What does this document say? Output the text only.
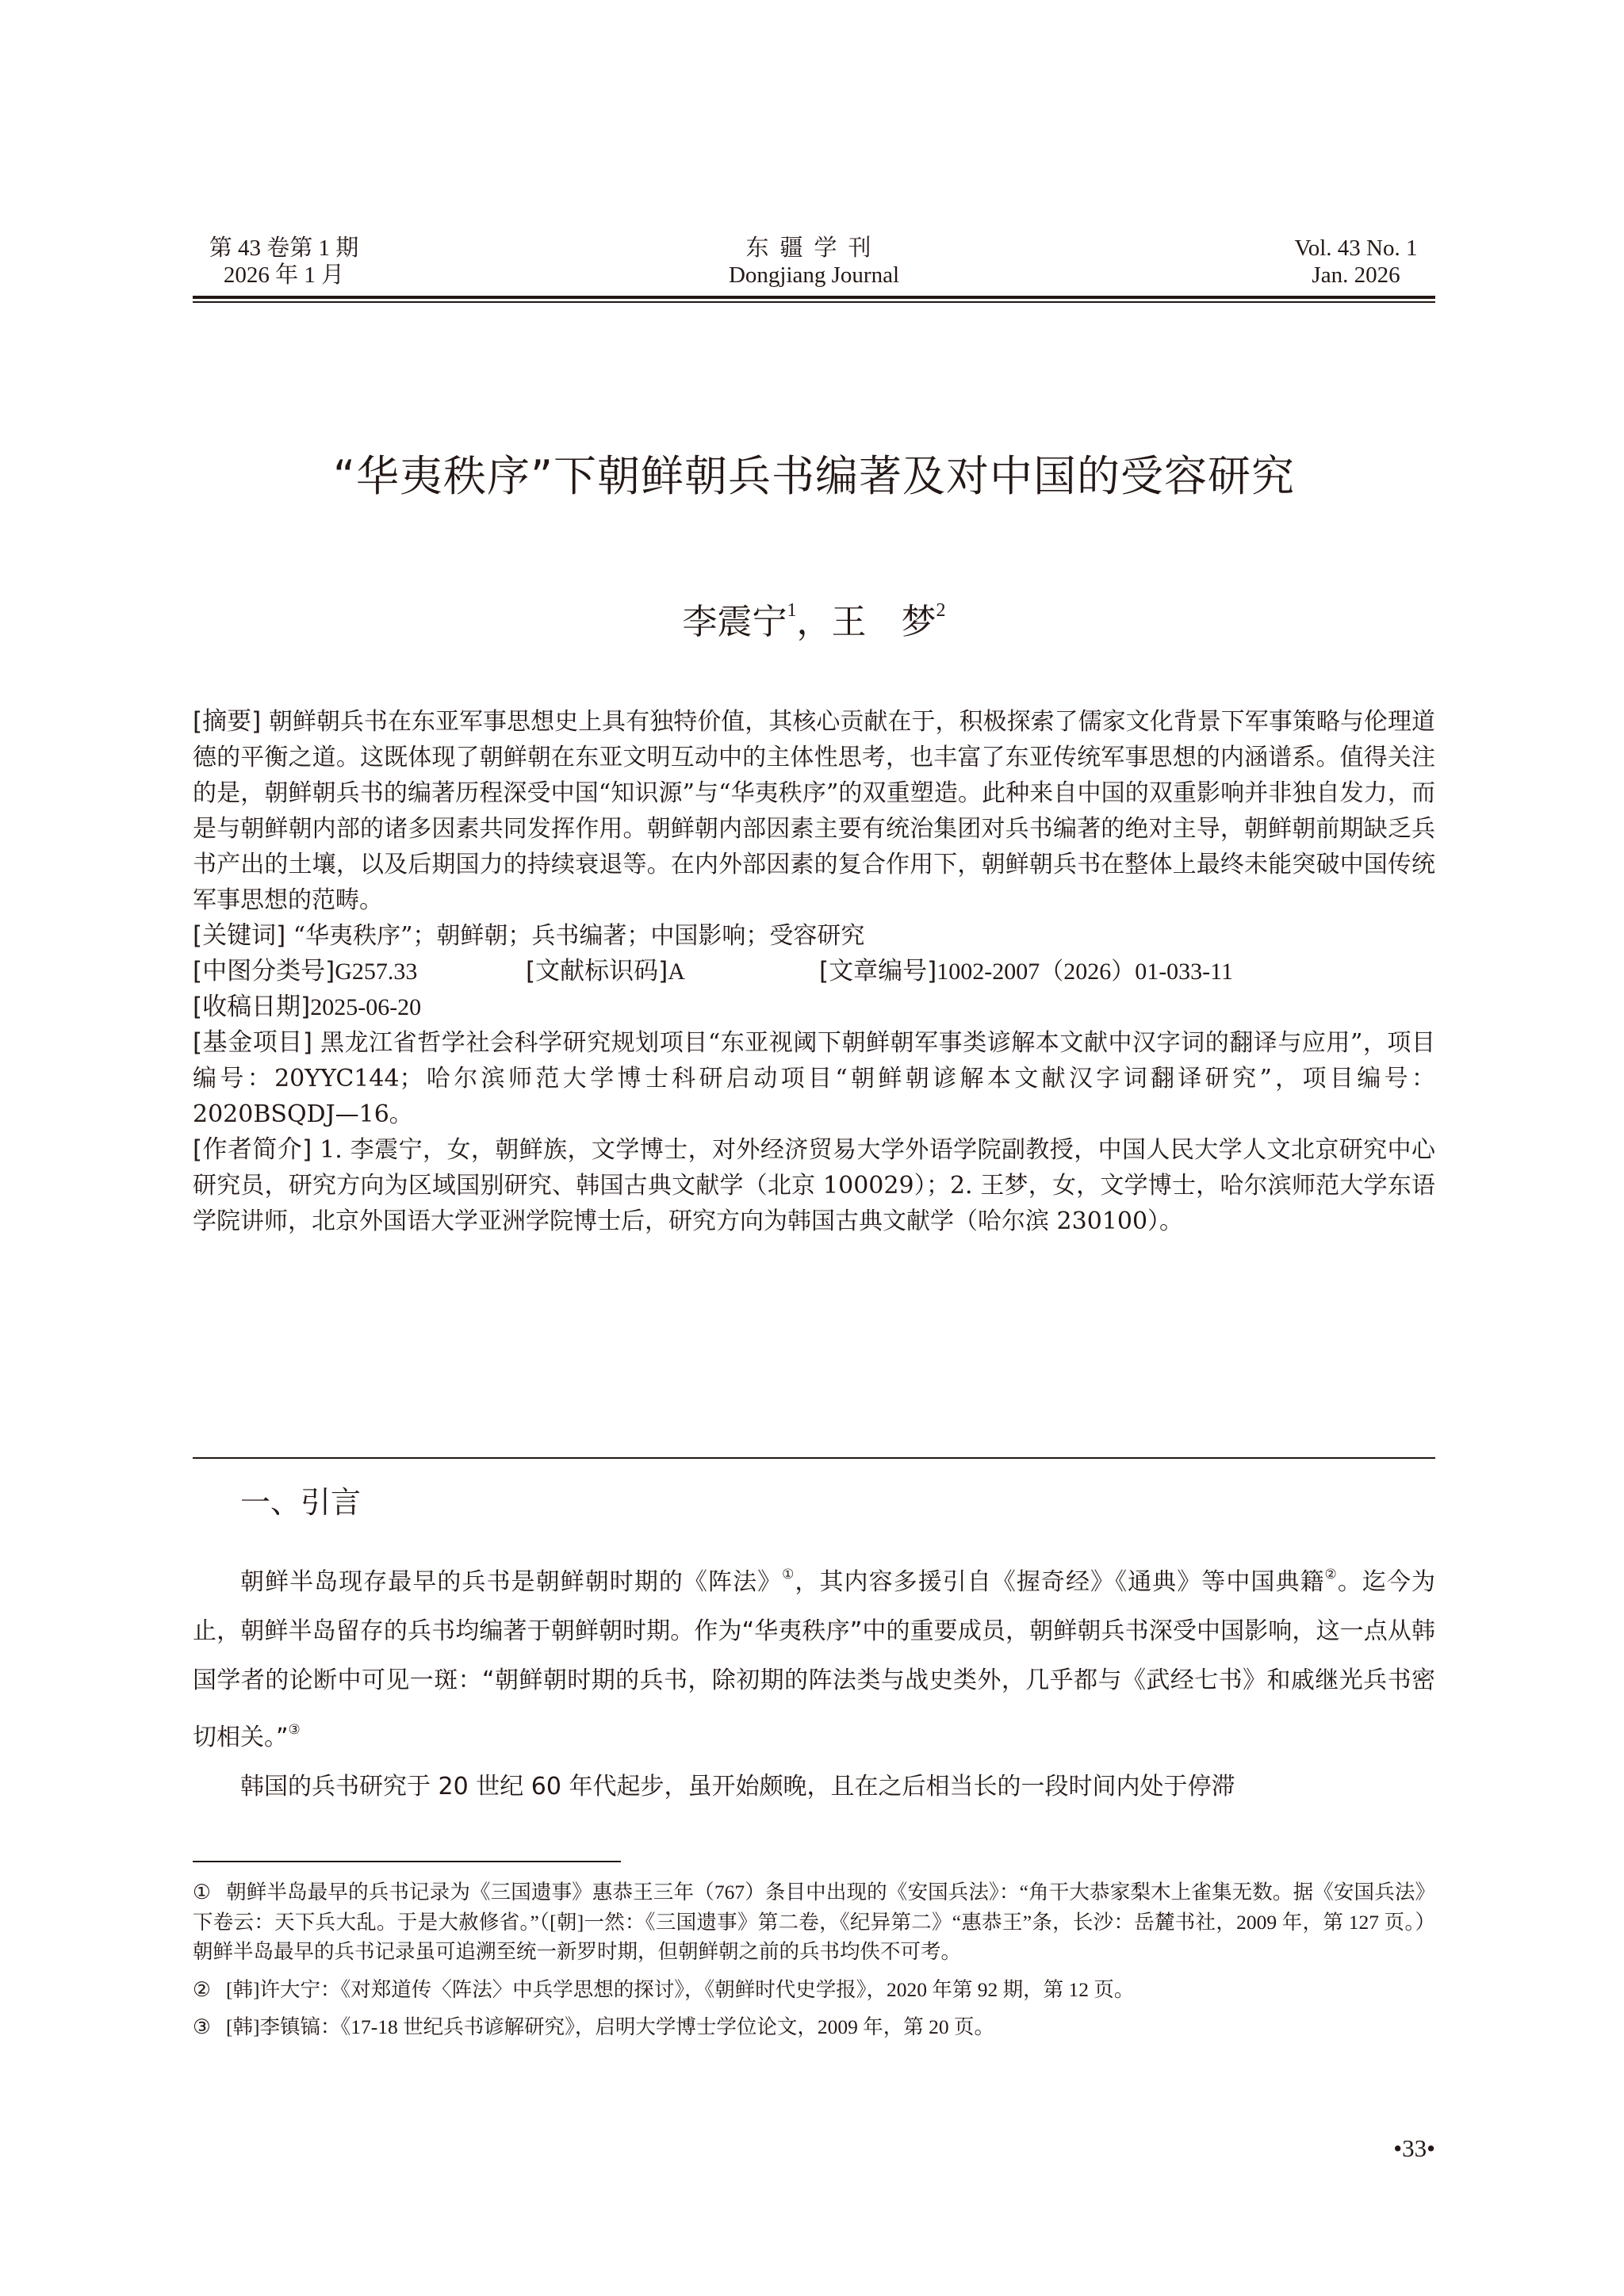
第 43 卷第 1 期
2026 年 1 月
东疆学刊
Dongjiang Journal
Vol. 43 No. 1
Jan. 2026
“华夷秩序”下朝鲜朝兵书编著及对中国的受容研究
李震宁$^1$，王　梦$^2$

[摘要] 朝鲜朝兵书在东亚军事思想史上具有独特价值，其核心贡献在于，积极探索了儒家文化背景下军事策略与伦理道德的平衡之道。这既体现了朝鲜朝在东亚文明互动中的主体性思考，也丰富了东亚传统军事思想的内涵谱系。值得关注的是，朝鲜朝兵书的编著历程深受中国“知识源”与“华夷秩序”的双重塑造。此种来自中国的双重影响并非独自发力，而是与朝鲜朝内部的诸多因素共同发挥作用。朝鲜朝内部因素主要有统治集团对兵书编著的绝对主导，朝鲜朝前期缺乏兵书产出的土壤，以及后期国力的持续衰退等。在内外部因素的复合作用下，朝鲜朝兵书在整体上最终未能突破中国传统军事思想的范畴。

[关键词] “华夷秩序”；朝鲜朝；兵书编著；中国影响；受容研究

[中图分类号]G257.33	[文献标识码]A	[文章编号]1002-2007（2026）01-033-11

[收稿日期]2025-06-20

[基金项目] 黑龙江省哲学社会科学研究规划项目“东亚视阈下朝鲜朝军事类谚解本文献中汉字词的翻译与应用”，项目编号：20YYC144；哈尔滨师范大学博士科研启动项目“朝鲜朝谚解本文献汉字词翻译研究”，项目编号：2020BSQDJ—16。

[作者简介] 1. 李震宁，女，朝鲜族，文学博士，对外经济贸易大学外语学院副教授，中国人民大学人文北京研究中心研究员，研究方向为区域国别研究、韩国古典文献学（北京 100029）；2. 王梦，女，文学博士，哈尔滨师范大学东语学院讲师，北京外国语大学亚洲学院博士后，研究方向为韩国古典文献学（哈尔滨 230100）。

一、引言

朝鲜半岛现存最早的兵书是朝鲜朝时期的《阵法》①，其内容多援引自《握奇经》《通典》等中国典籍②。迄今为止，朝鲜半岛留存的兵书均编著于朝鲜朝时期。作为“华夷秩序”中的重要成员，朝鲜朝兵书深受中国影响，这一点从韩国学者的论断中可见一斑：“朝鲜朝时期的兵书，除初期的阵法类与战史类外，几乎都与《武经七书》和戚继光兵书密切相关。”③

韩国的兵书研究于 20 世纪 60 年代起步，虽开始颇晚，且在之后相当长的一段时间内处于停滞

① 朝鲜半岛最早的兵书记录为《三国遗事》惠恭王三年（767）条目中出现的《安国兵法》：“角干大恭家梨木上雀集无数。据《安国兵法》下卷云：天下兵大乱。于是大赦修省。”（[朝]一然：《三国遗事》第二卷，《纪异第二》“惠恭王”条，长沙：岳麓书社，2009 年，第 127 页。）朝鲜半岛最早的兵书记录虽可追溯至统一新罗时期，但朝鲜朝之前的兵书均佚不可考。

② [韩]许大宁：《对郑道传〈阵法〉中兵学思想的探讨》，《朝鲜时代史学报》，2020 年第 92 期，第 12 页。

③ [韩]李镇镐：《17-18 世纪兵书谚解研究》，启明大学博士学位论文，2009 年，第 20 页。

•33•
